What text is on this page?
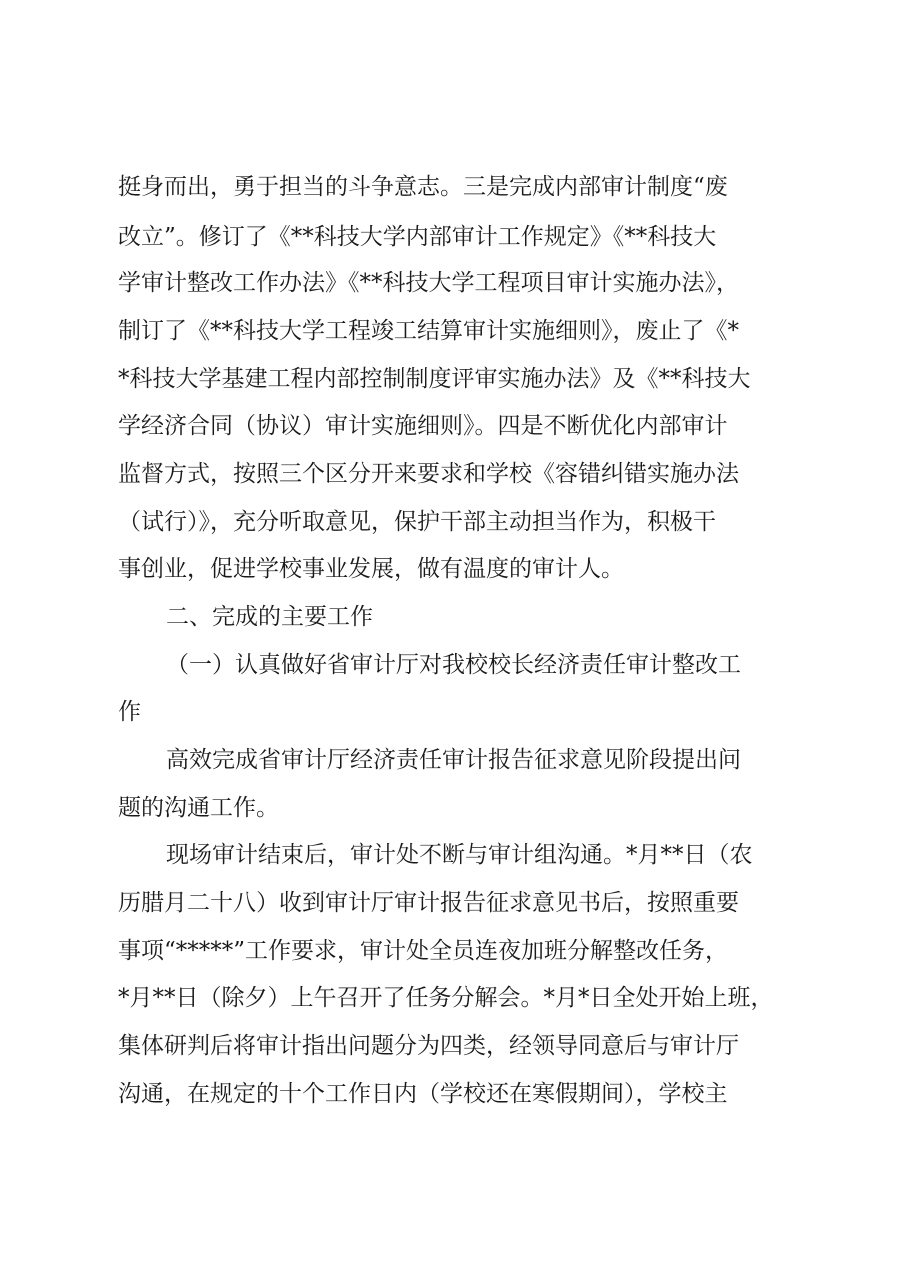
挺身而出，勇于担当的斗争意志。三是完成内部审计制度“废
改立”。修订了《**科技大学内部审计工作规定》《**科技大
学审计整改工作办法》《**科技大学工程项目审计实施办法》，
制订了《**科技大学工程竣工结算审计实施细则》，废止了《*
*科技大学基建工程内部控制制度评审实施办法》及《**科技大
学经济合同（协议）审计实施细则》。四是不断优化内部审计
监督方式，按照三个区分开来要求和学校《容错纠错实施办法
（试行）》，充分听取意见，保护干部主动担当作为，积极干
事创业，促进学校事业发展，做有温度的审计人。
二、完成的主要工作
（一）认真做好省审计厅对我校校长经济责任审计整改工
作
高效完成省审计厅经济责任审计报告征求意见阶段提出问
题的沟通工作。
现场审计结束后，审计处不断与审计组沟通。*月**日（农
历腊月二十八）收到审计厅审计报告征求意见书后，按照重要
事项“*****”工作要求，审计处全员连夜加班分解整改任务，
*月**日（除夕）上午召开了任务分解会。*月*日全处开始上班，
集体研判后将审计指出问题分为四类，经领导同意后与审计厅
沟通，在规定的十个工作日内（学校还在寒假期间），学校主
